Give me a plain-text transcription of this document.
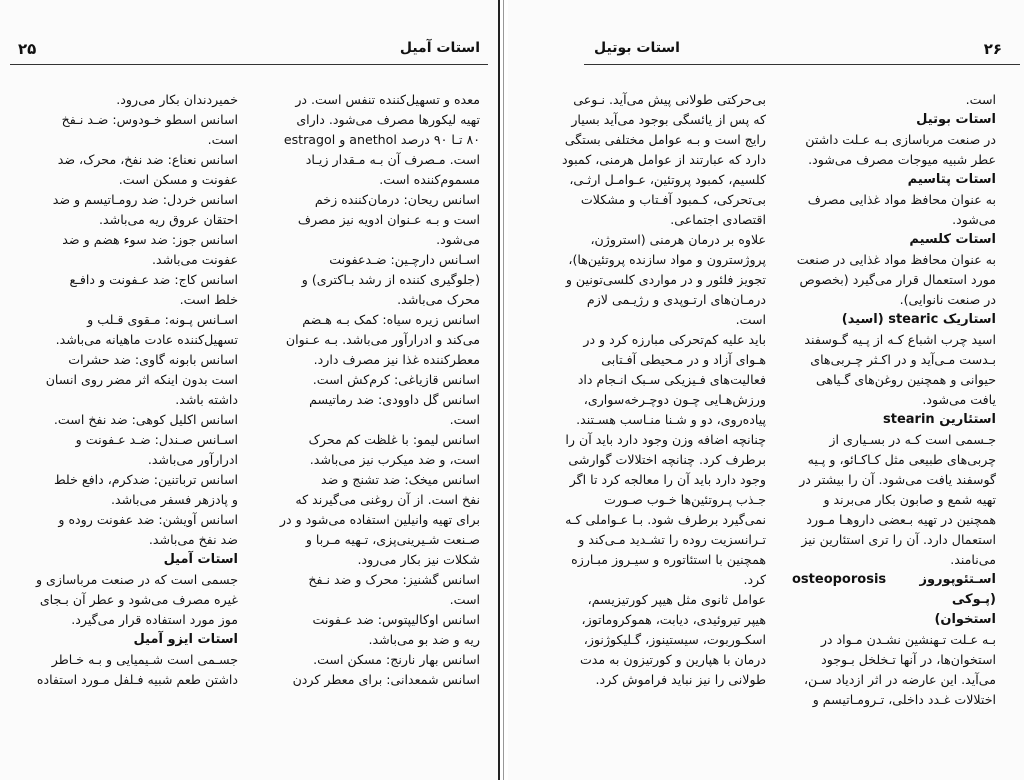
۲۵	استات آمیل

معده و تسهیل‌کننده تنفس است. در

تهیه لیکورها مصرف می‌شود. دارای

۸۰ تـا ۹۰ درصد anethol و estragol

است. مـصرف آن بـه مـقدار زیـاد

مسموم‌کننده است.

اسانس ریحان: درمان‌کننده زخم

است و بـه عـنوان ادویه نیز مصرف

می‌شود.

اسـانس دارچـین: ضـدعفونت

(جلوگیری کننده از رشد بـاکتری) و

محرک می‌باشد.

اسانس زیره سیاه: کمک بـه هـضم

می‌کند و ادرارآور می‌باشد. بـه عـنوان

معطرکننده غذا نیز مصرف دارد.

اسانس قازیاغی: کرم‌کش است.

اسانس گل داوودی: ضد رماتیسم

است.

اسانس لیمو: با غلظت کم محرک

است، و ضد میکرب نیز می‌باشد.

اسانس میخک: ضد تشنج و ضد

نفخ است. از آن روغنی می‌گیرند که

برای تهیه وانیلین استفاده می‌شود و در

صـنعت شـیرینی‌پزی، تـهیه مـربا و

شکلات نیز بکار می‌رود.

اسانس گشنیز: محرک و ضد نـفخ

است.

اسانس اوکالیپتوس: ضد عـفونت

ریه و ضد بو می‌باشد.

اسانس بهار نارنج: مسکن است.

اسانس شمعدانی: برای معطر کردن

خمیردندان بکار می‌رود.

اسانس اسطو خـودوس: ضـد نـفخ

است.

اسانس نعناع: ضد نفخ، محرک، ضد

عفونت و مسکن است.

اسانس خردل: ضد رومـاتیسم و ضد

احتقان عروق ریه می‌باشد.

اسانس جوز: ضد سوء هضم و ضد

عفونت می‌باشد.

اسانس کاج: ضد عـفونت و دافـع

خلط است.

اسـانس پـونه: مـقوی قـلب و

تسهیل‌کننده عادت ماهیانه می‌باشد.

اسانس بابونه گاوی: ضد حشرات

است بدون اینکه اثر مضر روی انسان

داشته باشد.

اسانس اکلیل کوهی: ضد نفخ است.

اسـانس صـندل: ضـد عـفونت و

ادرارآور می‌باشد.

اسانس ترباتنین: ضدکرم، دافع خلط

و پادزهر فسفر می‌باشد.

اسانس آویشن: ضد عفونت روده و

ضد نفخ می‌باشد.

استات آمیل

جسمی است که در صنعت مرباسازی و

غیره مصرف می‌شود و عطر آن بـجای

موز مورد استفاده قرار می‌گیرد.

استات ایزو آمیل

جسـمی است شـیمیایی و بـه خـاطر

داشتن طعم شبیه فـلفل مـورد استفاده

استات بوتیل	۲۶

است.

استات بوتیل

در صنعت مرباسازی بـه عـلت داشتن

عطر شبیه میوجات مصرف می‌شود.

استات پتاسیم

به عنوان محافظ مواد غذایی مصرف

می‌شود.

استات کلسیم

به عنوان محافظ مواد غذایی در صنعت

مورد استعمال قرار می‌گیرد (بخصوص

در صنعت نانوایی).

استاریک stearic (اسید)

اسید چرب اشباع کـه از پـیه گـوسفند

بـدست مـی‌آید و در اکـثر چـربی‌های

حیوانی و همچنین روغن‌های گـیاهی

یافت می‌شود.

استئارین stearin

جـسمی است کـه در بسـیاری از

چربی‌های طبیعی مثل کـاکـائو، و پـیه

گوسفند یافت می‌شود. آن را بیشتر در

تهیه شمع و صابون بکار می‌برند و

همچنین در تهیه بـعضی داروهـا مـورد

استعمال دارد. آن را تری استئارین نیز

می‌نامند.

اسـتئوپوروز osteoporosis (پـوکی

استخوان)

بـه عـلت تـهنشین نشـدن مـواد در

استخوان‌ها، در آنها تـخلخل بـوجود

می‌آید. این عارضه در اثر ازدیاد سـن،

اختلالات غـدد داخلی، تـرومـاتیسم و

بی‌حرکتی طولانی پیش می‌آید. نـوعی

که پس از یائسگی بوجود می‌آید بسیار

رایج است و بـه عوامل مختلفی بستگی

دارد که عبارتند از عوامل هرمنی، کمبود

کلسیم، کمبود پروتئین، عـوامـل ارثـی،

بی‌تحرکی، کـمبود آفـتاب و مشکلات

اقتصادی اجتماعی.

علاوه بر درمان هرمنی (استروژن،

پروژسترون و مواد سازنده پروتئین‌ها)،

تجویز فلئور و در مواردی کلسی‌تونین و

درمـان‌های ارتـوپدی و رژیـمی لازم

است.

باید علیه کم‌تحرکی مبارزه کرد و در

هـوای آزاد و در مـحیطی آفـتابی

فعالیت‌های فـیزیکی سـبک انـجام داد

ورزش‌هـایی چـون دوچـرخه‌سواری،

پیاده‌روی، دو و شـنا منـاسب هسـتند.

چنانچه اضافه وزن وجود دارد باید آن را

برطرف کرد. چنانچه اختلالات گوارشی

وجود دارد باید آن را معالجه کرد تا اگر

جـذب پـروتئین‌ها خـوب صـورت

نمی‌گیرد برطرف شود. بـا عـواملی کـه

تـرانسزیت روده را تشـدید مـی‌کند و

همچنین با استئاتوره و سیـروز مبـارزه

کرد.

عوامل ثانوی مثل هیپر کورتیزیسم،

هیپر تیروئیدی، دیابت، هموکروماتوز،

اسکـوربوت، سیستینوز، گـلیکوژنوز،

درمان با هپارین و کورتیزون به مدت

طولانی را نیز نباید فراموش کرد.
